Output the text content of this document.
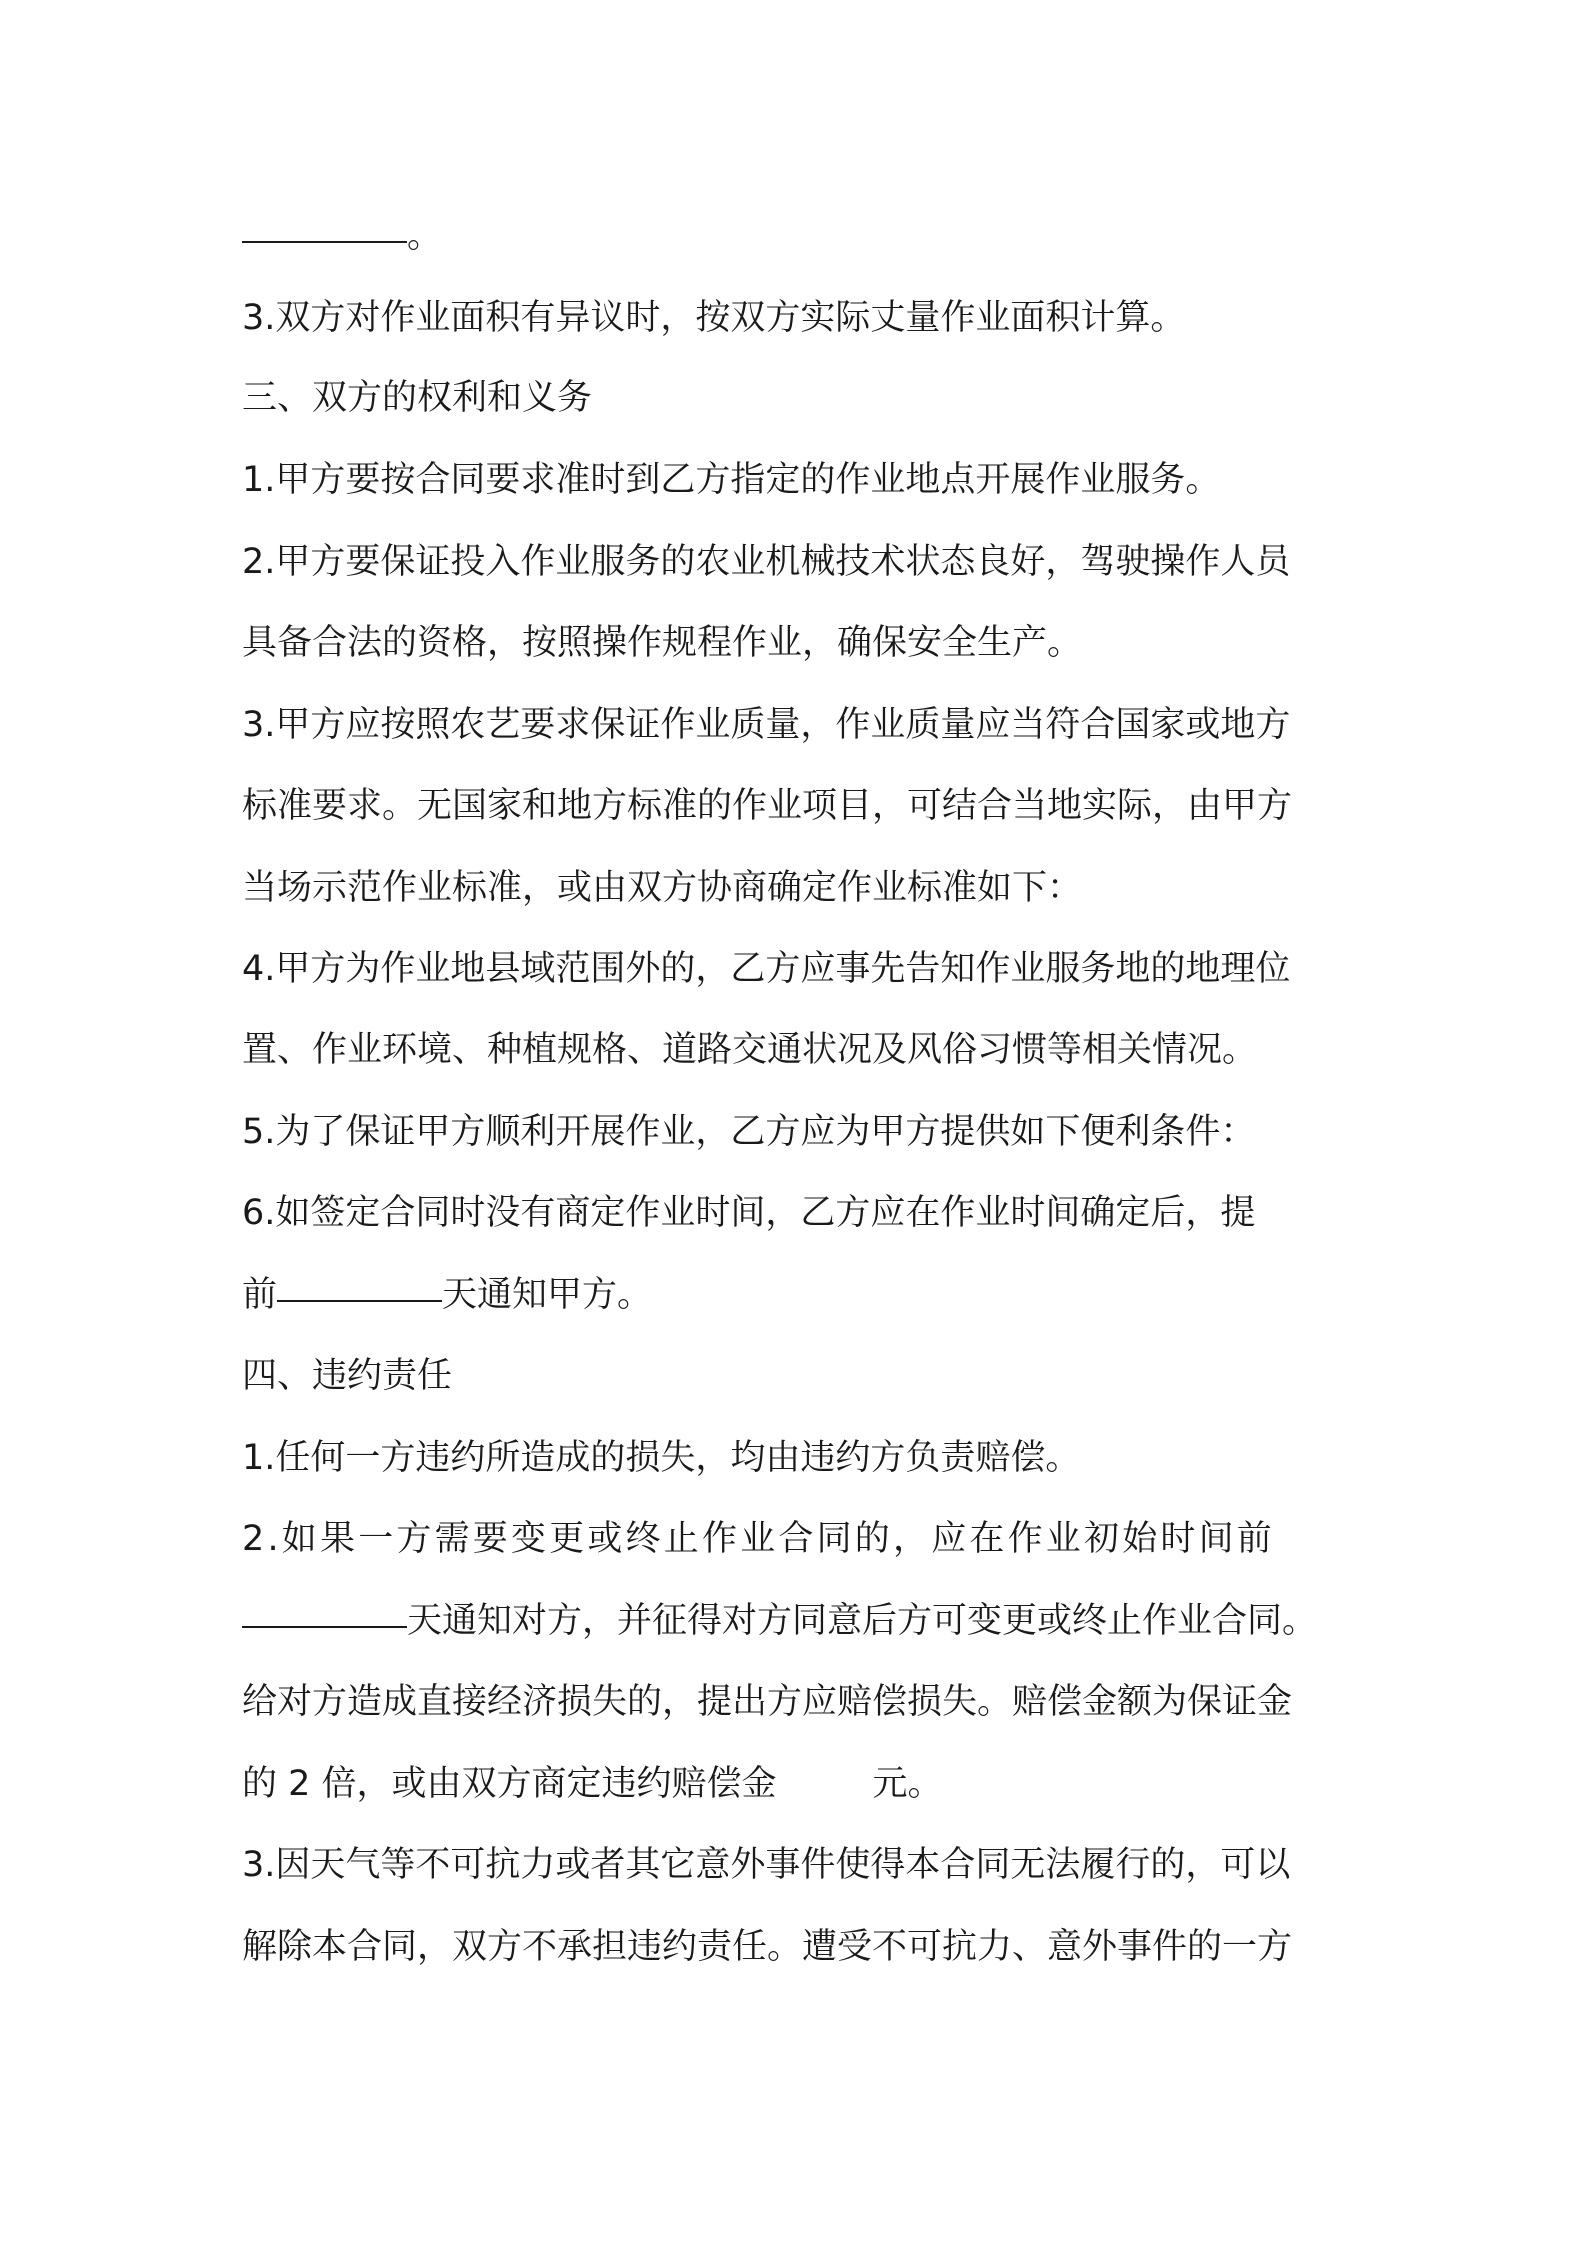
。
3.双方对作业面积有异议时，按双方实际丈量作业面积计算。
三、双方的权利和义务
1.甲方要按合同要求准时到乙方指定的作业地点开展作业服务。
2.甲方要保证投入作业服务的农业机械技术状态良好，驾驶操作人员
具备合法的资格，按照操作规程作业，确保安全生产。
3.甲方应按照农艺要求保证作业质量，作业质量应当符合国家或地方
标准要求。无国家和地方标准的作业项目，可结合当地实际，由甲方
当场示范作业标准，或由双方协商确定作业标准如下：
4.甲方为作业地县域范围外的，乙方应事先告知作业服务地的地理位
置、作业环境、种植规格、道路交通状况及风俗习惯等相关情况。
5.为了保证甲方顺利开展作业，乙方应为甲方提供如下便利条件：
6.如签定合同时没有商定作业时间，乙方应在作业时间确定后，提
前	天通知甲方。
四、违约责任
1.任何一方违约所造成的损失，均由违约方负责赔偿。
2.如果一方需要变更或终止作业合同的，应在作业初始时间前
天通知对方，并征得对方同意后方可变更或终止作业合同。
给对方造成直接经济损失的，提出方应赔偿损失。赔偿金额为保证金
的 2 倍，或由双方商定违约赔偿金	元。
3.因天气等不可抗力或者其它意外事件使得本合同无法履行的，可以
解除本合同，双方不承担违约责任。遭受不可抗力、意外事件的一方
